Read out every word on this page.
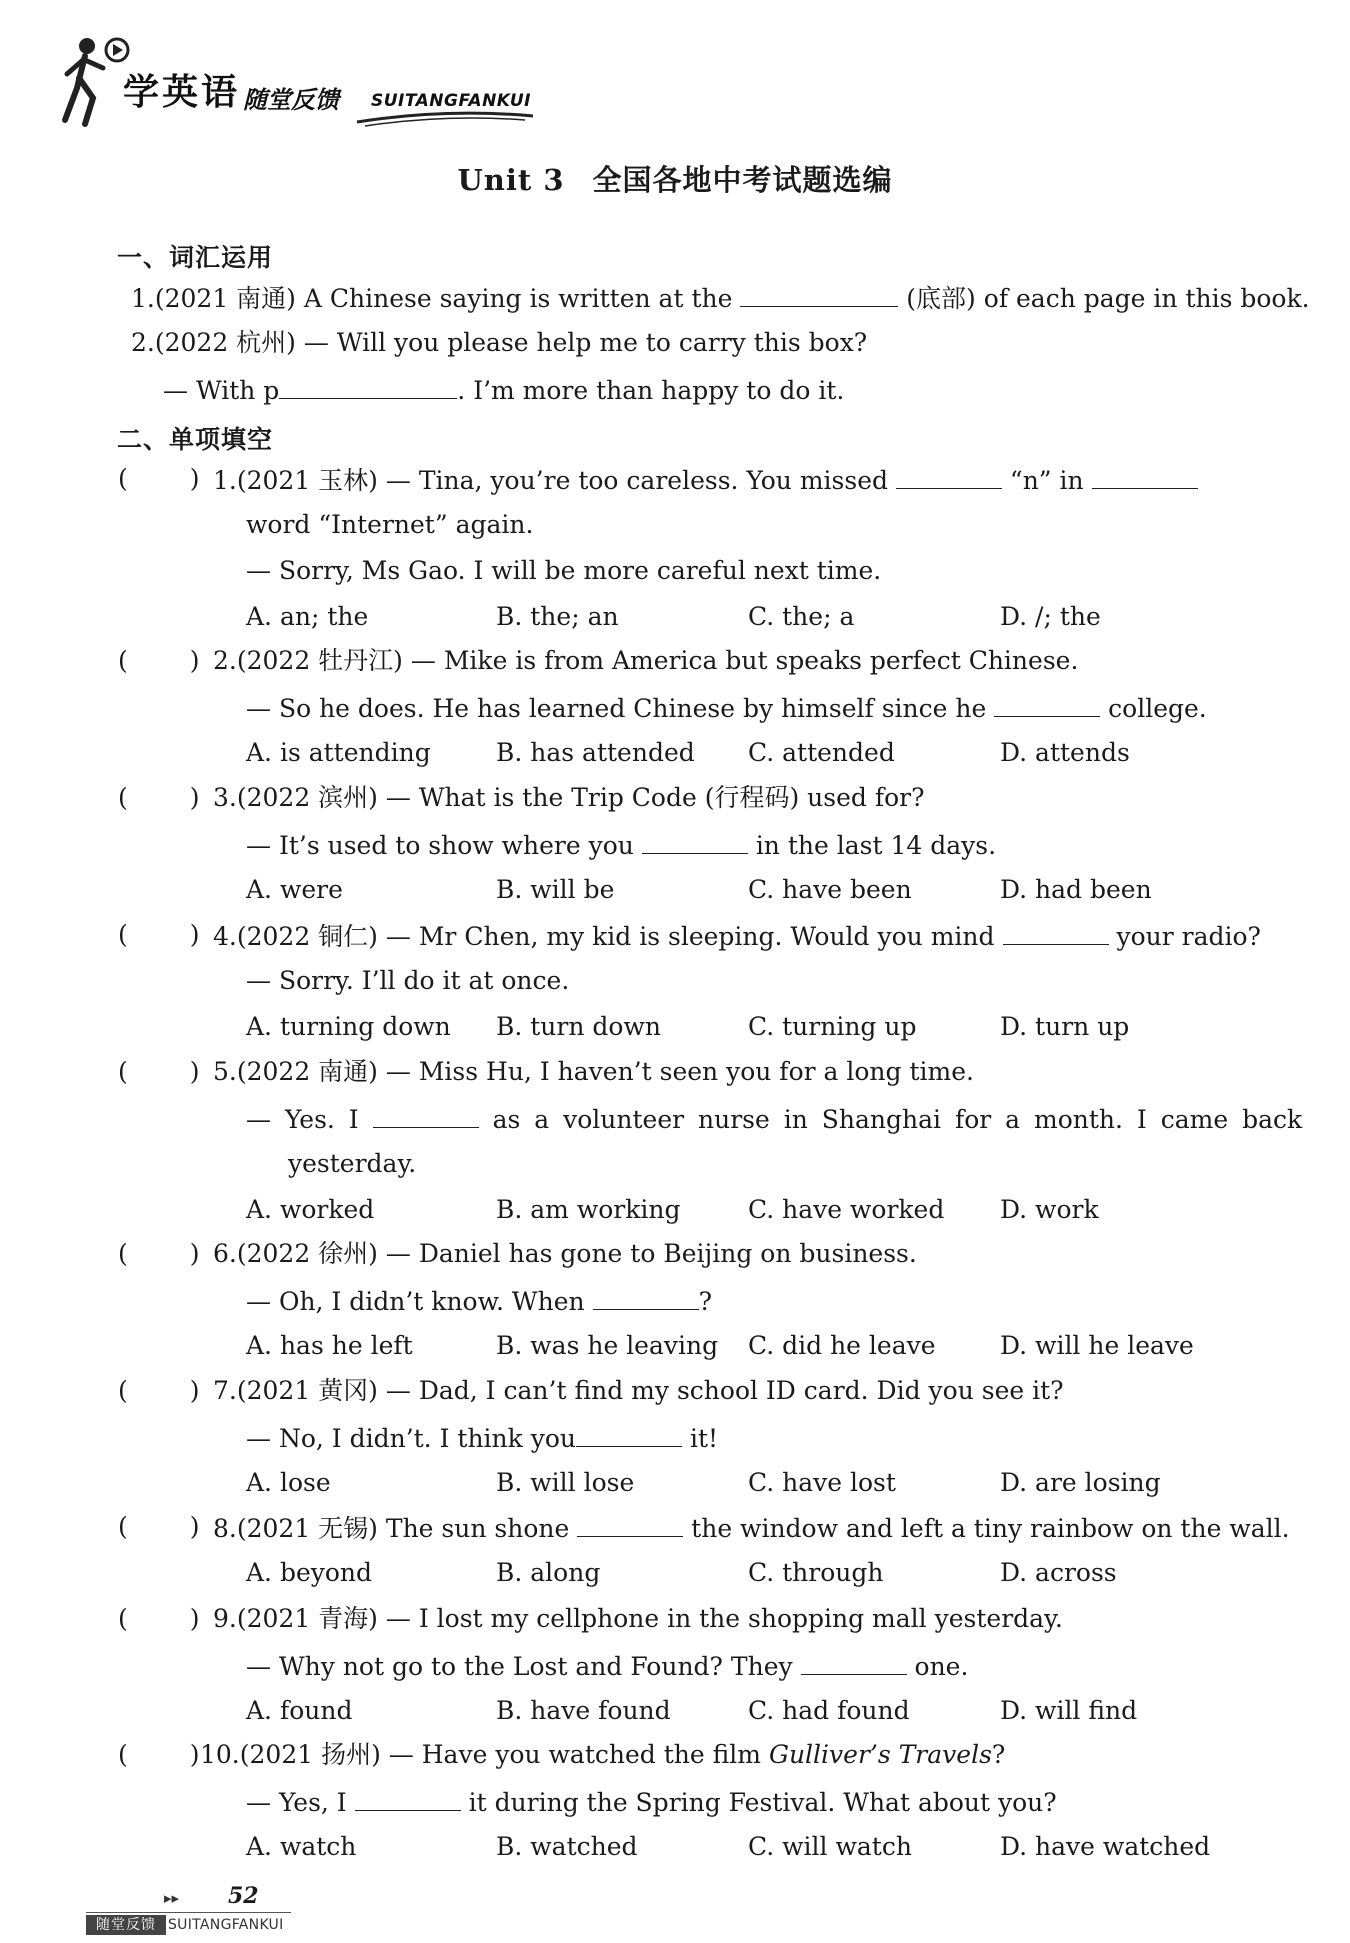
学英语 随堂反馈 SUITANGFANKUI
Unit 3 全国各地中考试题选编
一、词汇运用
1.(2021 南通) A Chinese saying is written at the	(底部) of each page in this book.
2.(2022 杭州) — Will you please help me to carry this box?
— With p	. I’m more than happy to do it.
二、单项填空
( ) 1.(2021 玉林) — Tina, you’re too careless. You missed	“n” in
word “Internet” again.
— Sorry, Ms Gao. I will be more careful next time.
A. an; the	B. the; an	C. the; a	D. /; the
( ) 2.(2022 牡丹江) — Mike is from America but speaks perfect Chinese.
— So he does. He has learned Chinese by himself since he	college.
A. is attending	B. has attended C. attended	D. attends
( ) 3.(2022 滨州) — What is the Trip Code (行程码) used for?
— It’s used to show where you	in the last 14 days.
A. were	B. will be	C. have been	D. had been
( ) 4.(2022 铜仁) — Mr Chen, my kid is sleeping. Would you mind	your radio?
— Sorry. I’ll do it at once.
A. turning down B. turn down	C. turning up	D. turn up
( ) 5.(2022 南通) — Miss Hu, I haven’t seen you for a long time.
— Yes. I	as a volunteer nurse in Shanghai for a month. I came back
yesterday.
A. worked	B. am working	C. have worked D. work
( ) 6.(2022 徐州) — Daniel has gone to Beijing on business.
— Oh, I didn’t know. When	?
A. has he left	B. was he leaving C. did he leave	D. will he leave
( ) 7.(2021 黄冈) — Dad, I can’t find my school ID card. Did you see it?
— No, I didn’t. I think you	it!
A. lose	B. will lose	C. have lost	D. are losing
( ) 8.(2021 无锡) The sun shone	the window and left a tiny rainbow on the wall.
A. beyond	B. along	C. through	D. across
( ) 9.(2021 青海) — I lost my cellphone in the shopping mall yesterday.
— Why not go to the Lost and Found? They	one.
A. found	B. have found	C. had found	D. will find
( ) 10.(2021 扬州) — Have you watched the film Gulliver’s Travels?
— Yes, I	it during the Spring Festival. What about you?
A. watch	B. watched	C. will watch	D. have watched
▸▸ 52
随堂反馈 SUITANGFANKUI
